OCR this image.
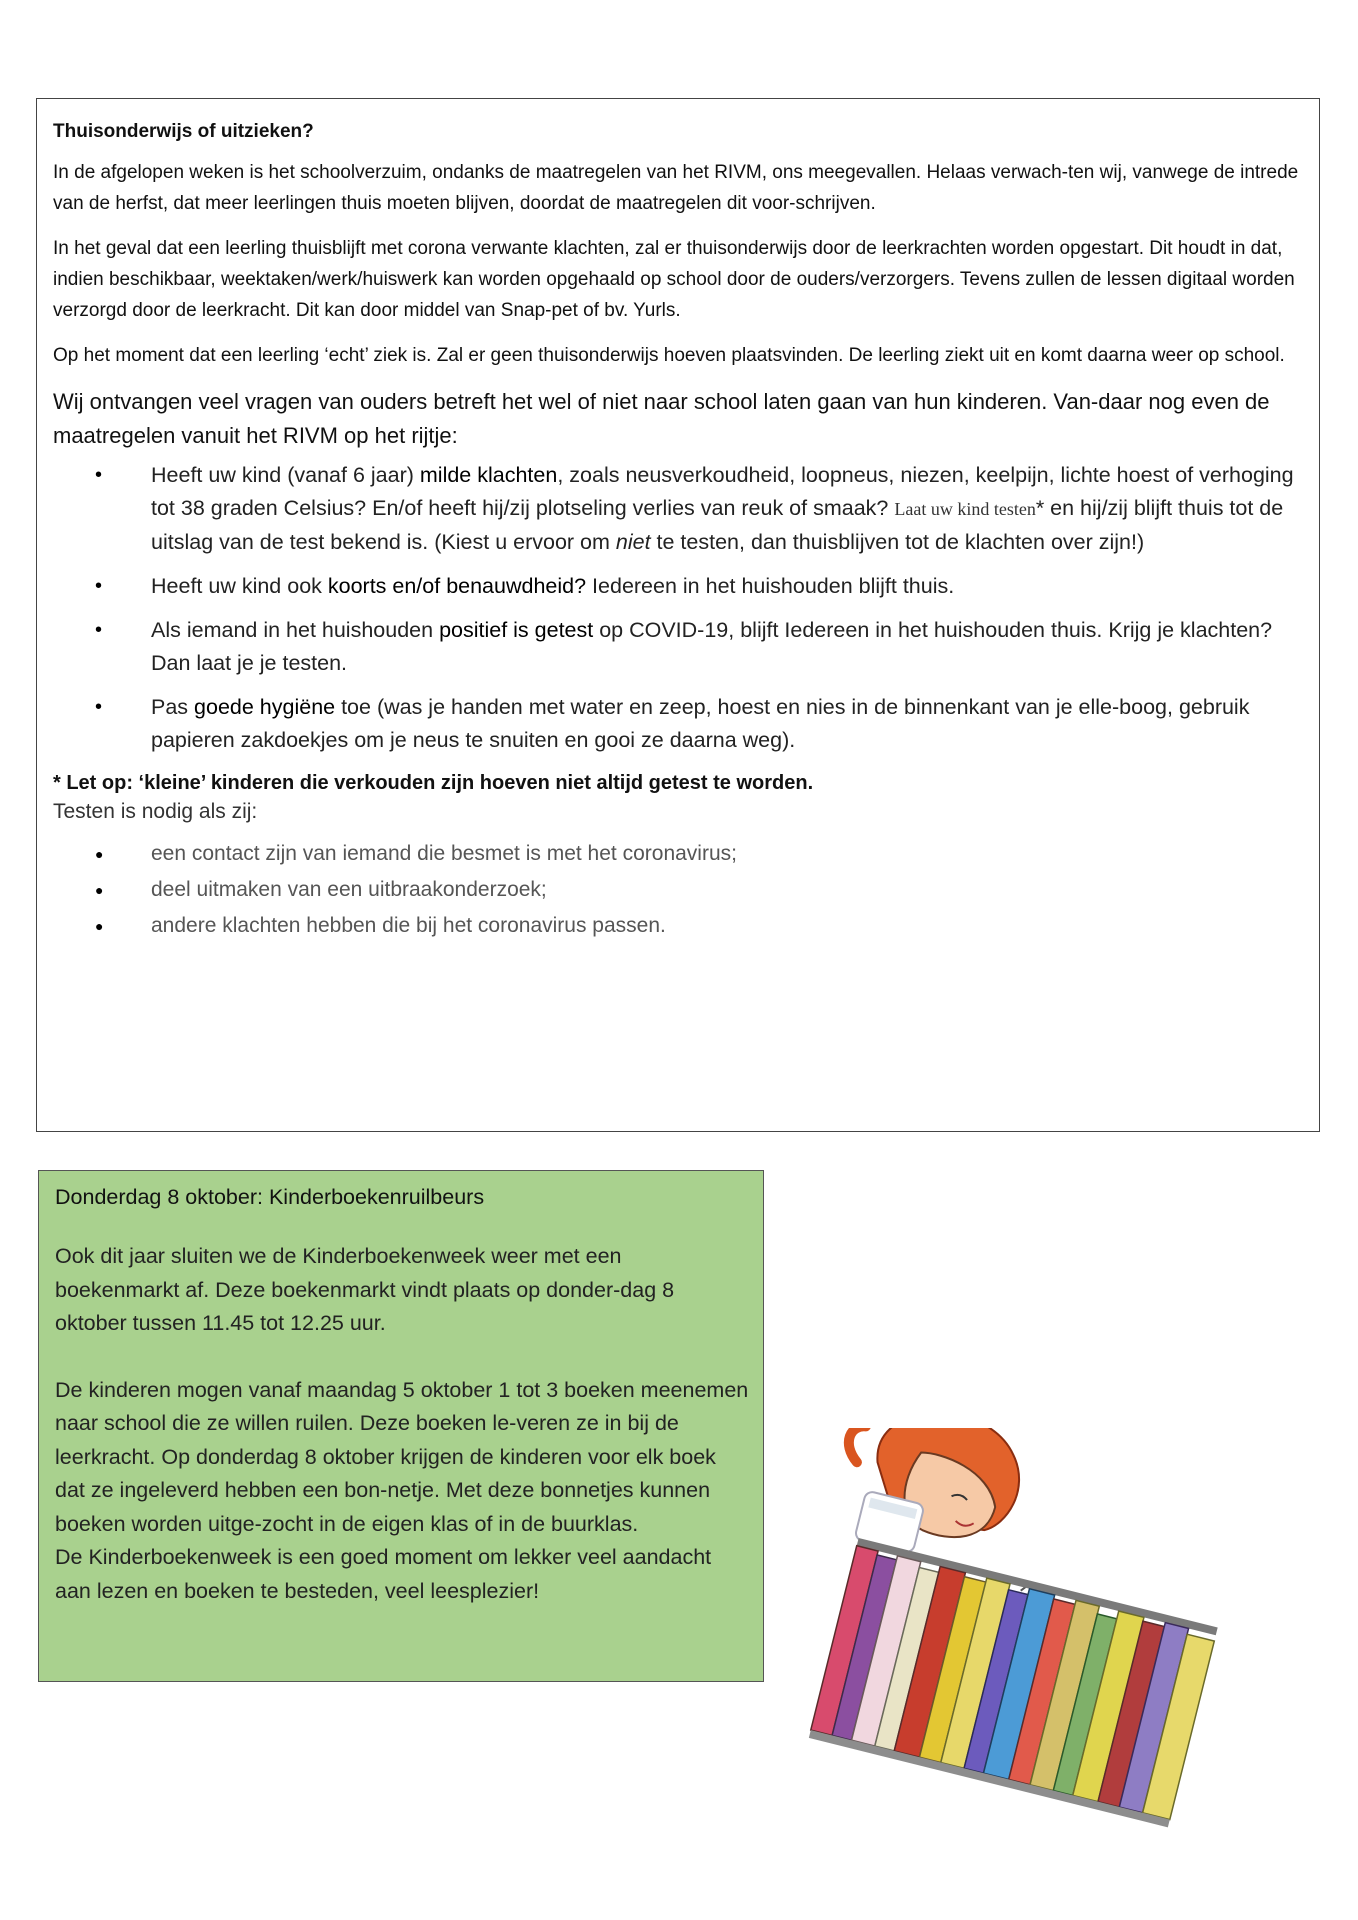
Thuisonderwijs of uitzieken?

In de afgelopen weken is het schoolverzuim, ondanks de maatregelen van het RIVM, ons meegevallen. Helaas verwach-ten wij, vanwege de intrede van de herfst, dat meer leerlingen thuis moeten blijven, doordat de maatregelen dit voor-schrijven.

In het geval dat een leerling thuisblijft met corona verwante klachten, zal er thuisonderwijs door de leerkrachten worden opgestart. Dit houdt in dat, indien beschikbaar, weektaken/werk/huiswerk kan worden opgehaald op school door de ouders/verzorgers. Tevens zullen de lessen digitaal worden verzorgd door de leerkracht. Dit kan door middel van Snap-pet of bv. Yurls.

Op het moment dat een leerling ‘echt’ ziek is. Zal er geen thuisonderwijs hoeven plaatsvinden. De leerling ziekt uit en komt daarna weer op school.

Wij ontvangen veel vragen van ouders betreft het wel of niet naar school laten gaan van hun kinderen. Van-daar nog even de maatregelen vanuit het RIVM op het rijtje:

• Heeft uw kind (vanaf 6 jaar) milde klachten, zoals neusverkoudheid, loopneus, niezen, keelpijn, lichte hoest of verhoging tot 38 graden Celsius? En/of heeft hij/zij plotseling verlies van reuk of smaak? Laat uw kind testen* en hij/zij blijft thuis tot de uitslag van de test bekend is. (Kiest u ervoor om niet te testen, dan thuisblijven tot de klachten over zijn!)
• Heeft uw kind ook koorts en/of benauwdheid? Iedereen in het huishouden blijft thuis.
• Als iemand in het huishouden positief is getest op COVID-19, blijft Iedereen in het huishouden thuis. Krijg je klachten? Dan laat je je testen.
• Pas goede hygiëne toe (was je handen met water en zeep, hoest en nies in de binnenkant van je elle-boog, gebruik papieren zakdoekjes om je neus te snuiten en gooi ze daarna weg).

* Let op: ‘kleine’ kinderen die verkouden zijn hoeven niet altijd getest te worden.

Testen is nodig als zij:

● een contact zijn van iemand die besmet is met het coronavirus;
● deel uitmaken van een uitbraakonderzoek;
● andere klachten hebben die bij het coronavirus passen.
Donderdag 8 oktober: Kinderboekenruilbeurs

Ook dit jaar sluiten we de Kinderboekenweek weer met een boekenmarkt af. Deze boekenmarkt vindt plaats op donder-dag 8 oktober tussen 11.45 tot 12.25 uur.

De kinderen mogen vanaf maandag 5 oktober 1 tot 3 boeken meenemen naar school die ze willen ruilen. Deze boeken le-veren ze in bij de leerkracht. Op donderdag 8 oktober krijgen de kinderen voor elk boek dat ze ingeleverd hebben een bon-netje. Met deze bonnetjes kunnen boeken worden uitge-zocht in de eigen klas of in de buurklas.

De Kinderboekenweek is een goed moment om lekker veel aandacht aan lezen en boeken te besteden, veel leesplezier!
